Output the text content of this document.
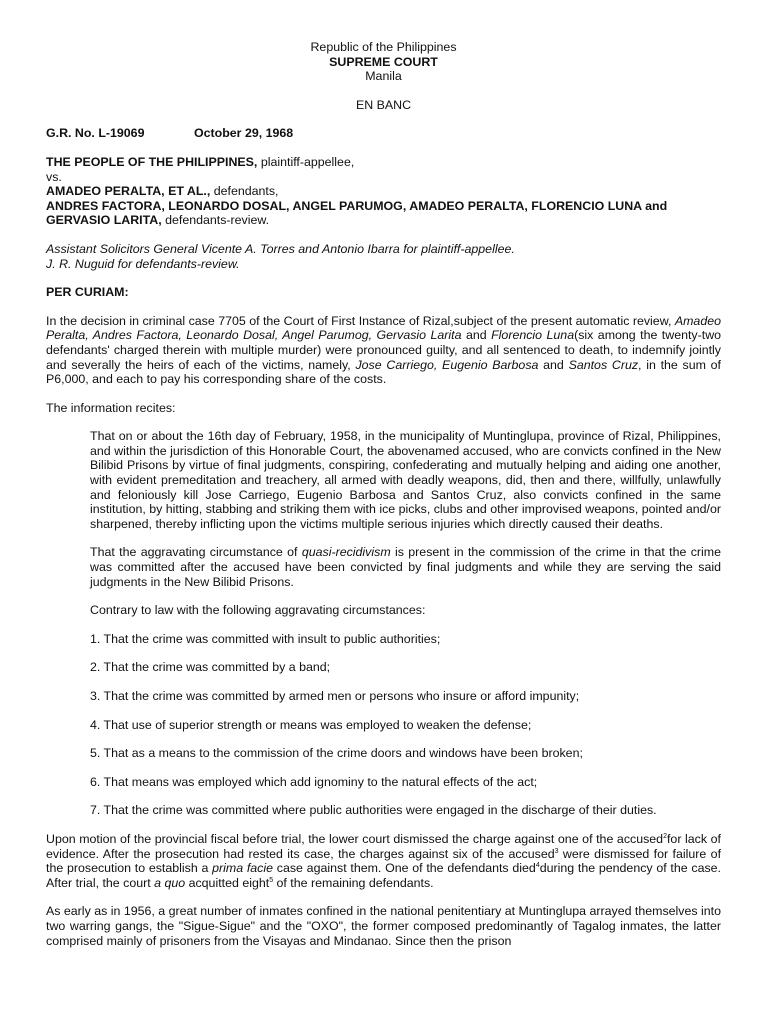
Republic of the Philippines

SUPREME COURT

Manila

EN BANC

G.R. No. L-19069	October 29, 1968

THE PEOPLE OF THE PHILIPPINES, plaintiff-appellee,

vs.

AMADEO PERALTA, ET AL., defendants,

ANDRES FACTORA, LEONARDO DOSAL, ANGEL PARUMOG, AMADEO PERALTA, FLORENCIO LUNA and GERVASIO LARITA, defendants-review.

Assistant Solicitors General Vicente A. Torres and Antonio Ibarra for plaintiff-appellee.

J. R. Nuguid for defendants-review.

PER CURIAM:

In the decision in criminal case 7705 of the Court of First Instance of Rizal,subject of the present automatic review, Amadeo Peralta, Andres Factora, Leonardo Dosal, Angel Parumog, Gervasio Larita and Florencio Luna(six among the twenty-two defendants' charged therein with multiple murder) were pronounced guilty, and all sentenced to death, to indemnify jointly and severally the heirs of each of the victims, namely, Jose Carriego, Eugenio Barbosa and Santos Cruz, in the sum of P6,000, and each to pay his corresponding share of the costs.

The information recites:

That on or about the 16th day of February, 1958, in the municipality of Muntinglupa, province of Rizal, Philippines, and within the jurisdiction of this Honorable Court, the abovenamed accused, who are convicts confined in the New Bilibid Prisons by virtue of final judgments, conspiring, confederating and mutually helping and aiding one another, with evident premeditation and treachery, all armed with deadly weapons, did, then and there, willfully, unlawfully and feloniously kill Jose Carriego, Eugenio Barbosa and Santos Cruz, also convicts confined in the same institution, by hitting, stabbing and striking them with ice picks, clubs and other improvised weapons, pointed and/or sharpened, thereby inflicting upon the victims multiple serious injuries which directly caused their deaths.

That the aggravating circumstance of quasi-recidivism is present in the commission of the crime in that the crime was committed after the accused have been convicted by final judgments and while they are serving the said judgments in the New Bilibid Prisons.

Contrary to law with the following aggravating circumstances:

1. That the crime was committed with insult to public authorities;

2. That the crime was committed by a band;

3. That the crime was committed by armed men or persons who insure or afford impunity;

4. That use of superior strength or means was employed to weaken the defense;

5. That as a means to the commission of the crime doors and windows have been broken;

6. That means was employed which add ignominy to the natural effects of the act;

7. That the crime was committed where public authorities were engaged in the discharge of their duties.

Upon motion of the provincial fiscal before trial, the lower court dismissed the charge against one of the accused$^2$for lack of evidence. After the prosecution had rested its case, the charges against six of the accused$^3$ were dismissed for failure of the prosecution to establish a prima facie case against them. One of the defendants died$^4$during the pendency of the case. After trial, the court a quo acquitted eight$^5$ of the remaining defendants.

As early as in 1956, a great number of inmates confined in the national penitentiary at Muntinglupa arrayed themselves into two warring gangs, the "Sigue-Sigue" and the "OXO", the former composed predominantly of Tagalog inmates, the latter comprised mainly of prisoners from the Visayas and Mindanao. Since then the prison
